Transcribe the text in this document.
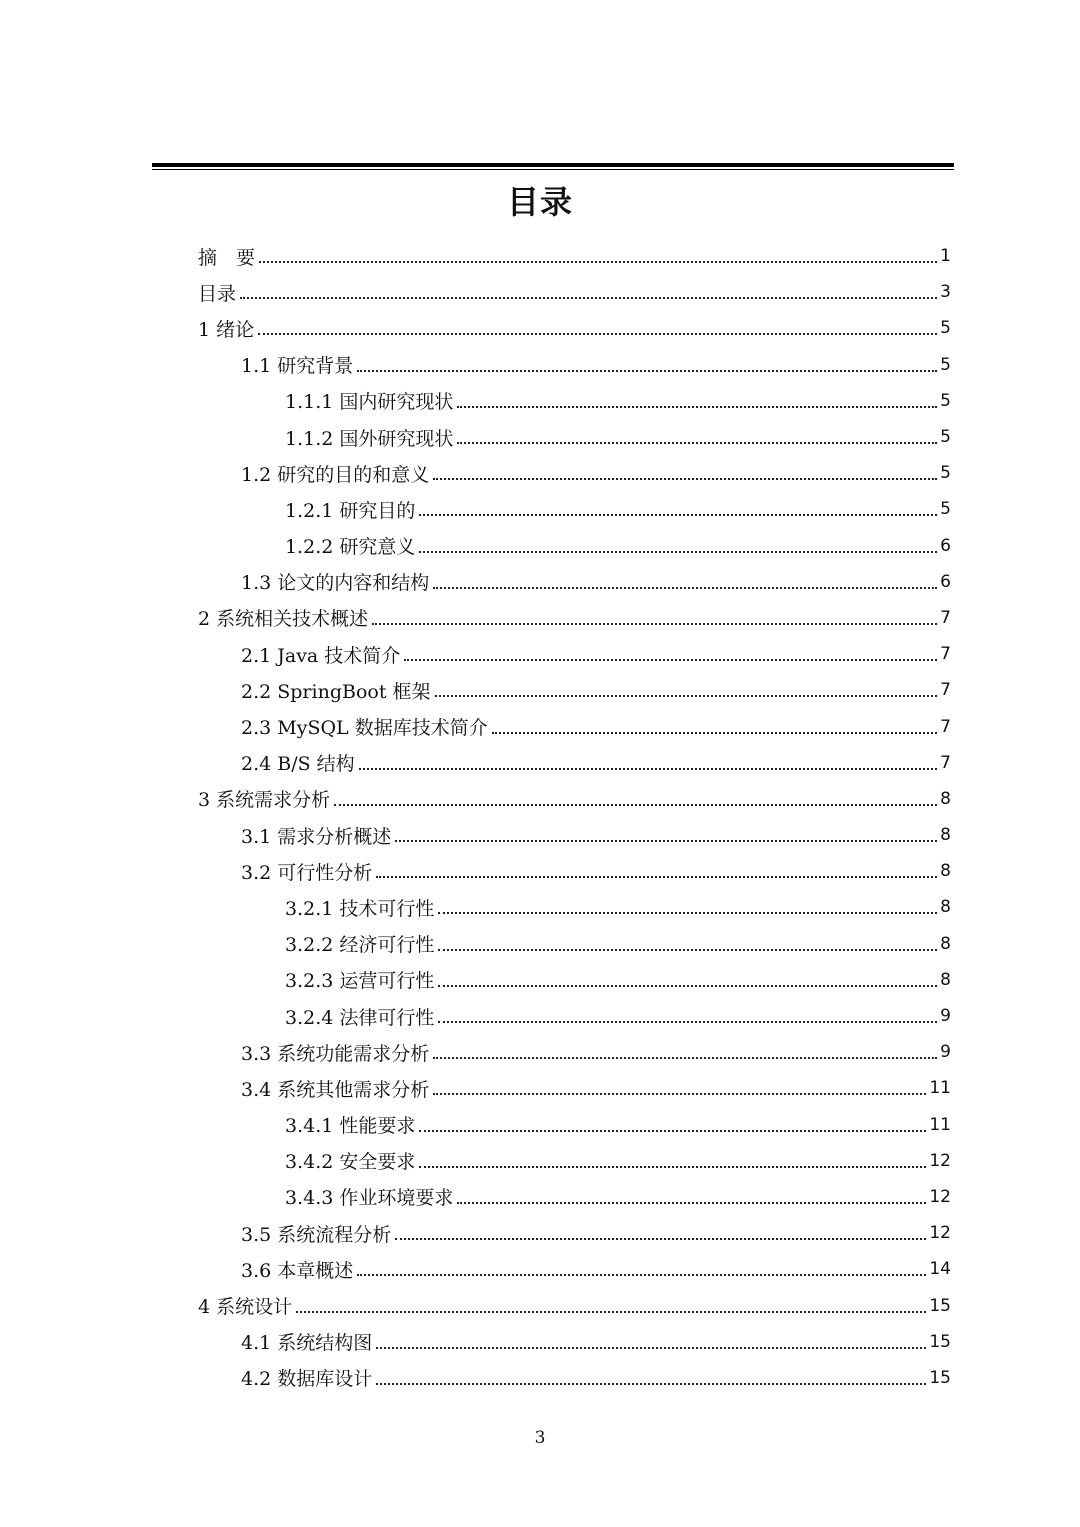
目录
摘　要	1
目录	3
1 绪论	5
1.1 研究背景	5
1.1.1 国内研究现状	5
1.1.2 国外研究现状	5
1.2 研究的目的和意义	5
1.2.1 研究目的	5
1.2.2 研究意义	6
1.3 论文的内容和结构	6
2 系统相关技术概述	7
2.1 Java 技术简介	7
2.2 SpringBoot 框架	7
2.3 MySQL 数据库技术简介	7
2.4 B/S 结构	7
3 系统需求分析	8
3.1 需求分析概述	8
3.2 可行性分析	8
3.2.1 技术可行性	8
3.2.2 经济可行性	8
3.2.3 运营可行性	8
3.2.4 法律可行性	9
3.3 系统功能需求分析	9
3.4 系统其他需求分析	11
3.4.1 性能要求	11
3.4.2 安全要求	12
3.4.3 作业环境要求	12
3.5 系统流程分析	12
3.6 本章概述	14
4 系统设计	15
4.1 系统结构图	15
4.2 数据库设计	15
3
